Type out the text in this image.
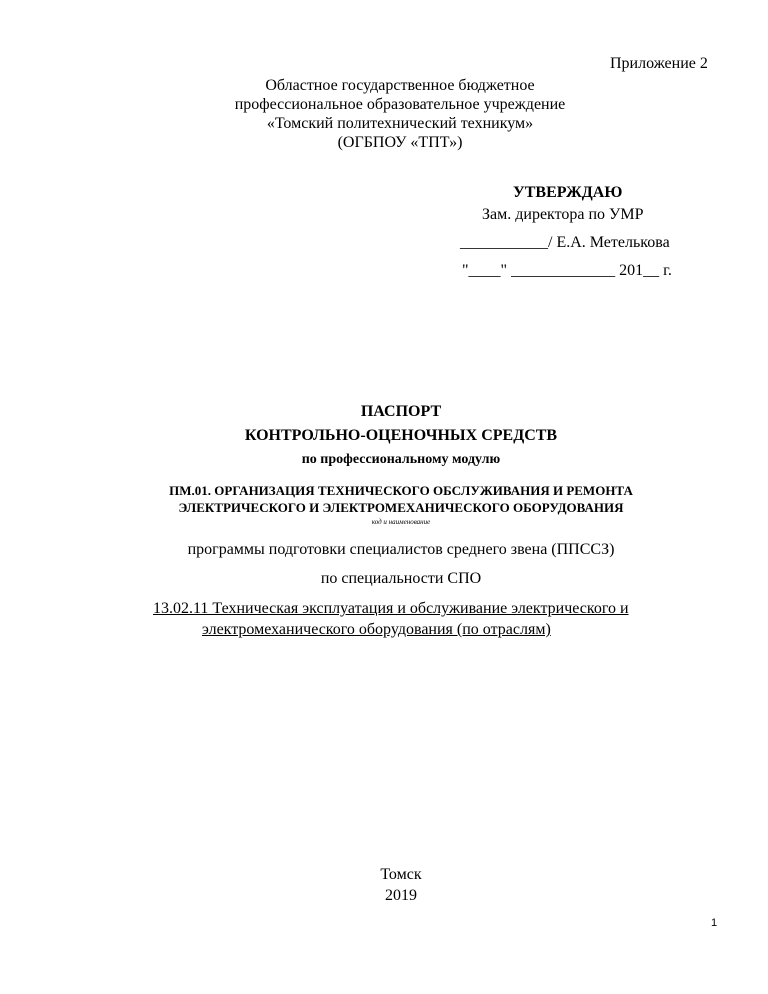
Приложение 2
Областное государственное бюджетное
профессиональное образовательное учреждение
«Томский политехнический техникум»
(ОГБПОУ «ТПТ»)
УТВЕРЖДАЮ
Зам. директора по УМР
___________/ Е.А. Метелькова
"____" _____________ 201__ г.
ПАСПОРТ
КОНТРОЛЬНО-ОЦЕНОЧНЫХ СРЕДСТВ
по профессиональному модулю
ПМ.01. ОРГАНИЗАЦИЯ ТЕХНИЧЕСКОГО ОБСЛУЖИВАНИЯ И РЕМОНТА
ЭЛЕКТРИЧЕСКОГО И ЭЛЕКТРОМЕХАНИЧЕСКОГО ОБОРУДОВАНИЯ
код и наименование
программы подготовки специалистов среднего звена (ППССЗ)
по специальности СПО
13.02.11 Техническая эксплуатация и обслуживание электрического и
электромеханического оборудования (по отраслям)
Томск
2019
1
